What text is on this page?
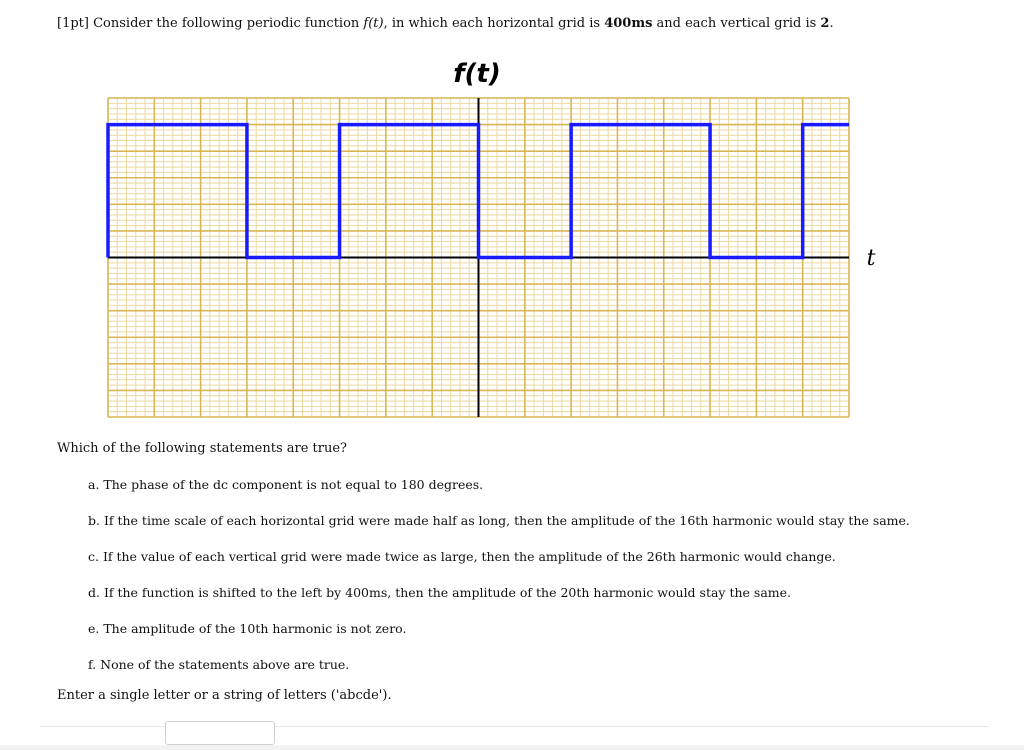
[1pt] Consider the following periodic function f(t), in which each horizontal grid is 400ms and each vertical grid is 2.
f(t)
t
Which of the following statements are true?
a. The phase of the dc component is not equal to 180 degrees.
b. If the time scale of each horizontal grid were made half as long, then the amplitude of the 16th harmonic would stay the same.
c. If the value of each vertical grid were made twice as large, then the amplitude of the 26th harmonic would change.
d. If the function is shifted to the left by 400ms, then the amplitude of the 20th harmonic would stay the same.
e. The amplitude of the 10th harmonic is not zero.
f. None of the statements above are true.
Enter a single letter or a string of letters ('abcde').
